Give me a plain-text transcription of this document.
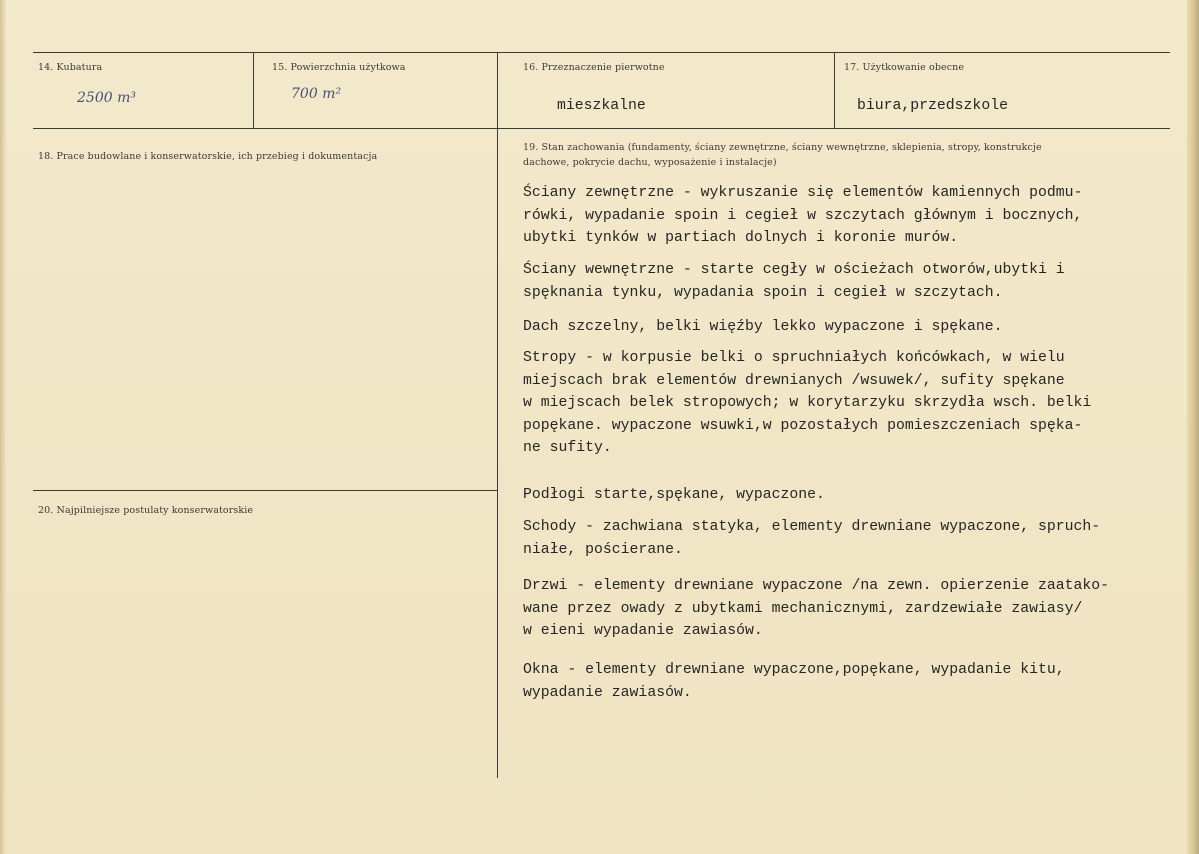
14. Kubatura
2500 m³
15. Powierzchnia użytkowa
700 m²
16. Przeznaczenie pierwotne
mieszkalne
17. Użytkowanie obecne
biura,przedszkole
18. Prace budowlane i konserwatorskie, ich przebieg i dokumentacja
19. Stan zachowania (fundamenty, ściany zewnętrzne, ściany wewnętrzne, sklepienia, stropy, konstrukcje dachowe, pokrycie dachu, wyposażenie i instalacje)
Ściany zewnętrzne - wykruszanie się elementów kamiennych podmu-
rówki, wypadanie spoin i cegieł w szczytach głównym i bocznych,
ubytki tynków w partiach dolnych i koronie murów.
Ściany wewnętrzne - starte cegły w ościeżach otworów,ubytki i
spęknania tynku, wypadania spoin i cegieł w szczytach.
Dach szczelny, belki więźby lekko wypaczone i spękane.
Stropy - w korpusie belki o spruchniałych końcówkach, w wielu
miejscach brak elementów drewnianych /wsuwek/, sufity spękane
w miejscach belek stropowych; w korytarzyku skrzydła wsch. belki
popękane. wypaczone wsuwki,w pozostałych pomieszczeniach spęka-
ne sufity.
Podłogi starte,spękane, wypaczone.
Schody - zachwiana statyka, elementy drewniane wypaczone, spruch-
niałe, pościerane.
Drzwi - elementy drewniane wypaczone /na zewn. opierzenie zaatako-
wane przez owady z ubytkami mechanicznymi, zardzewiałe zawiasy/
w eieni wypadanie zawiasów.
Okna - elementy drewniane wypaczone,popękane, wypadanie kitu,
wypadanie zawiasów.
20. Najpilniejsze postulaty konserwatorskie
